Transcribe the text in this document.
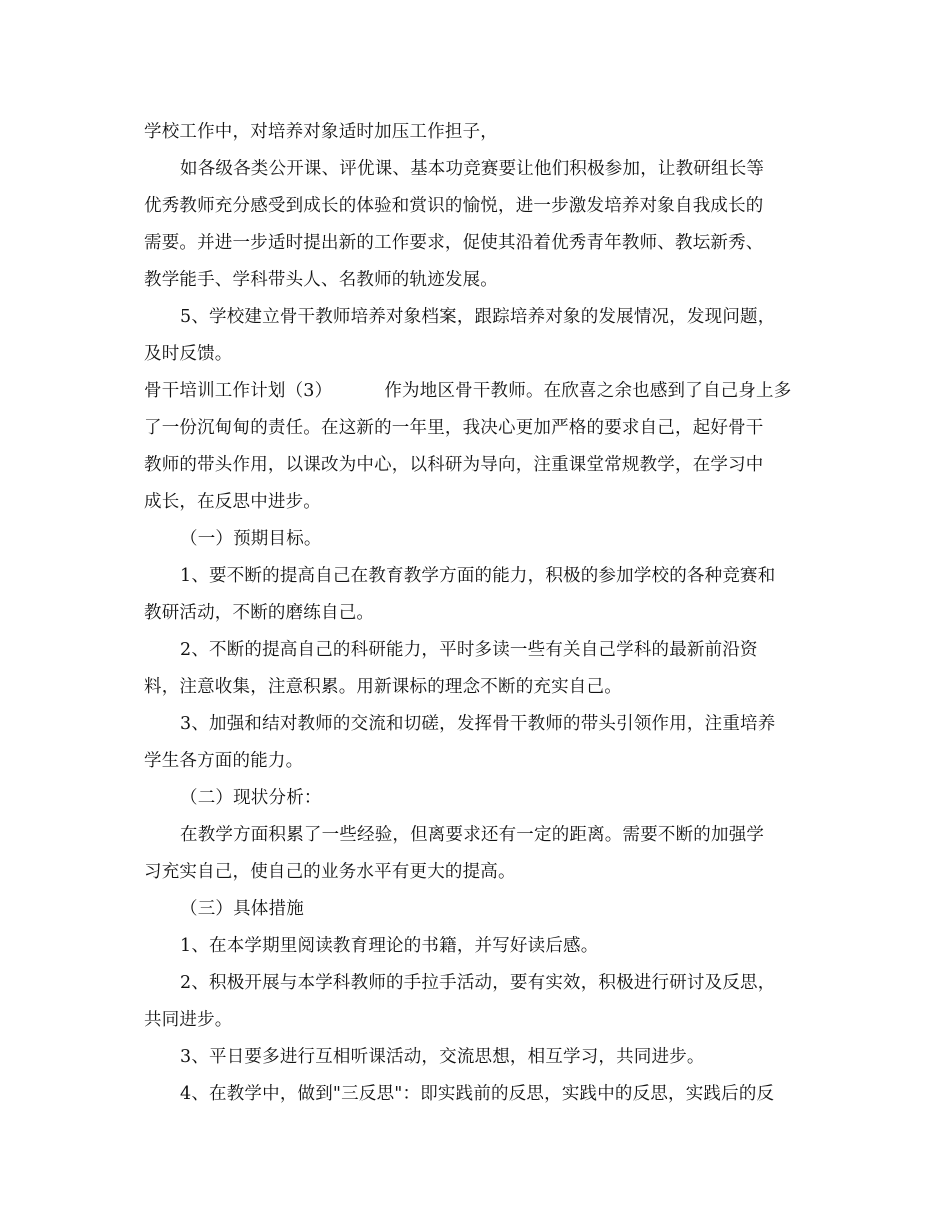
学校工作中，对培养对象适时加压工作担子，
如各级各类公开课、评优课、基本功竞赛要让他们积极参加，让教研组长等
优秀教师充分感受到成长的体验和赏识的愉悦，进一步激发培养对象自我成长的
需要。并进一步适时提出新的工作要求，促使其沿着优秀青年教师、教坛新秀、
教学能手、学科带头人、名教师的轨迹发展。
5、学校建立骨干教师培养对象档案，跟踪培养对象的发展情况，发现问题，
及时反馈。
骨干培训工作计划（3）	作为地区骨干教师。在欣喜之余也感到了自己身上多
了一份沉甸甸的责任。在这新的一年里，我决心更加严格的要求自己，起好骨干
教师的带头作用，以课改为中心，以科研为导向，注重课堂常规教学，在学习中
成长，在反思中进步。
（一）预期目标。
1、要不断的提高自己在教育教学方面的能力，积极的参加学校的各种竞赛和
教研活动，不断的磨练自己。
2、不断的提高自己的科研能力，平时多读一些有关自己学科的最新前沿资
料，注意收集，注意积累。用新课标的理念不断的充实自己。
3、加强和结对教师的交流和切磋，发挥骨干教师的带头引领作用，注重培养
学生各方面的能力。
（二）现状分析：
在教学方面积累了一些经验，但离要求还有一定的距离。需要不断的加强学
习充实自己，使自己的业务水平有更大的提高。
（三）具体措施
1、在本学期里阅读教育理论的书籍，并写好读后感。
2、积极开展与本学科教师的手拉手活动，要有实效，积极进行研讨及反思，
共同进步。
3、平日要多进行互相听课活动，交流思想，相互学习，共同进步。
4、在教学中，做到"三反思"：即实践前的反思，实践中的反思，实践后的反
